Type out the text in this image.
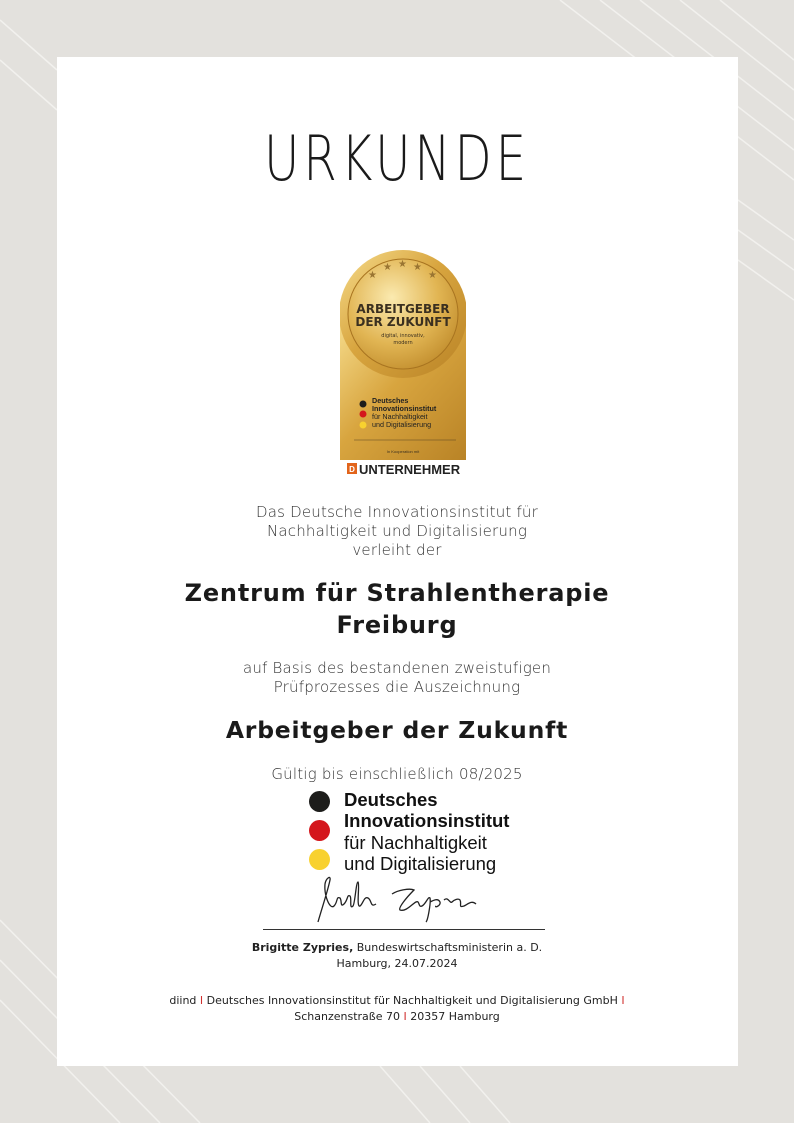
URKUNDE
★
★ ★ ★
★
ARBEITGEBER
DER ZUKUNFT
digital, innovativ,
modern
Deutsches
Innovationsinstitut
für Nachhaltigkeit
und Digitalisierung
In Kooperation mit
D UNTERNEHMER
Das Deutsche Innovationsinstitut für
Nachhaltigkeit und Digitalisierung
verleiht der
Zentrum für Strahlentherapie
Freiburg
auf Basis des bestandenen zweistufigen
Prüfprozesses die Auszeichnung
Arbeitgeber der Zukunft
Gültig bis einschließlich 08/2025
Deutsches
Innovationsinstitut
für Nachhaltigkeit
und Digitalisierung
Brigitte Zypries, Bundeswirtschaftsministerin a. D.
Hamburg, 24.07.2024
diind I Deutsches Innovationsinstitut für Nachhaltigkeit und Digitalisierung GmbH I
Schanzenstraße 70 I 20357 Hamburg
